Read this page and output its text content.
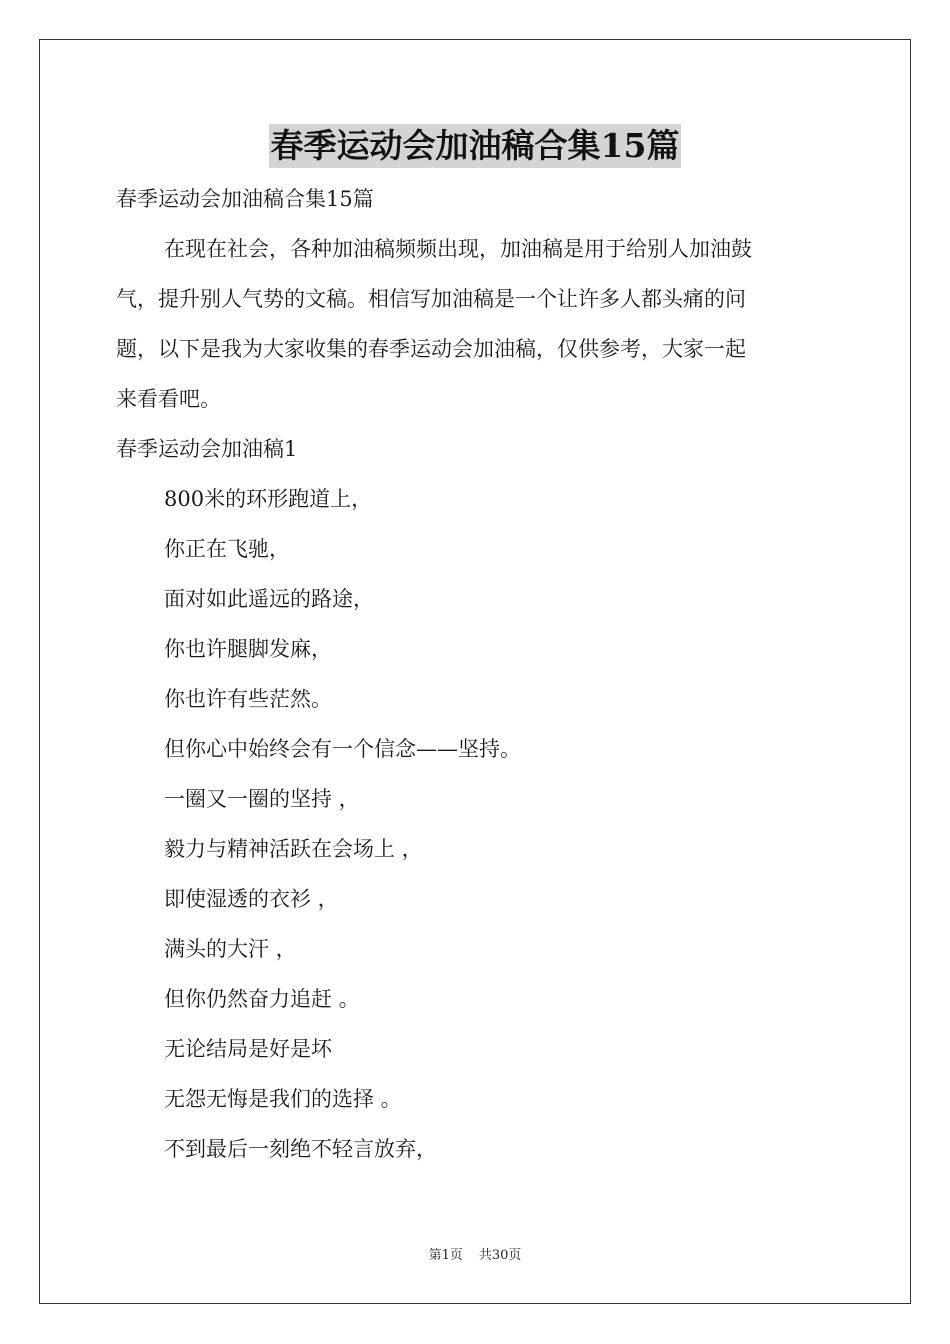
春季运动会加油稿合集15篇
春季运动会加油稿合集15篇
在现在社会，各种加油稿频频出现，加油稿是用于给别人加油鼓
气，提升别人气势的文稿。相信写加油稿是一个让许多人都头痛的问
题，以下是我为大家收集的春季运动会加油稿，仅供参考，大家一起
来看看吧。
春季运动会加油稿1
800米的环形跑道上，
你正在飞驰，
面对如此遥远的路途，
你也许腿脚发麻，
你也许有些茫然。
但你心中始终会有一个信念——坚持。
一圈又一圈的坚持 ，
毅力与精神活跃在会场上 ，
即使湿透的衣衫 ，
满头的大汗 ，
但你仍然奋力追赶 。
无论结局是好是坏
无怨无悔是我们的选择 。
不到最后一刻绝不轻言放弃，
第1页 共30页
